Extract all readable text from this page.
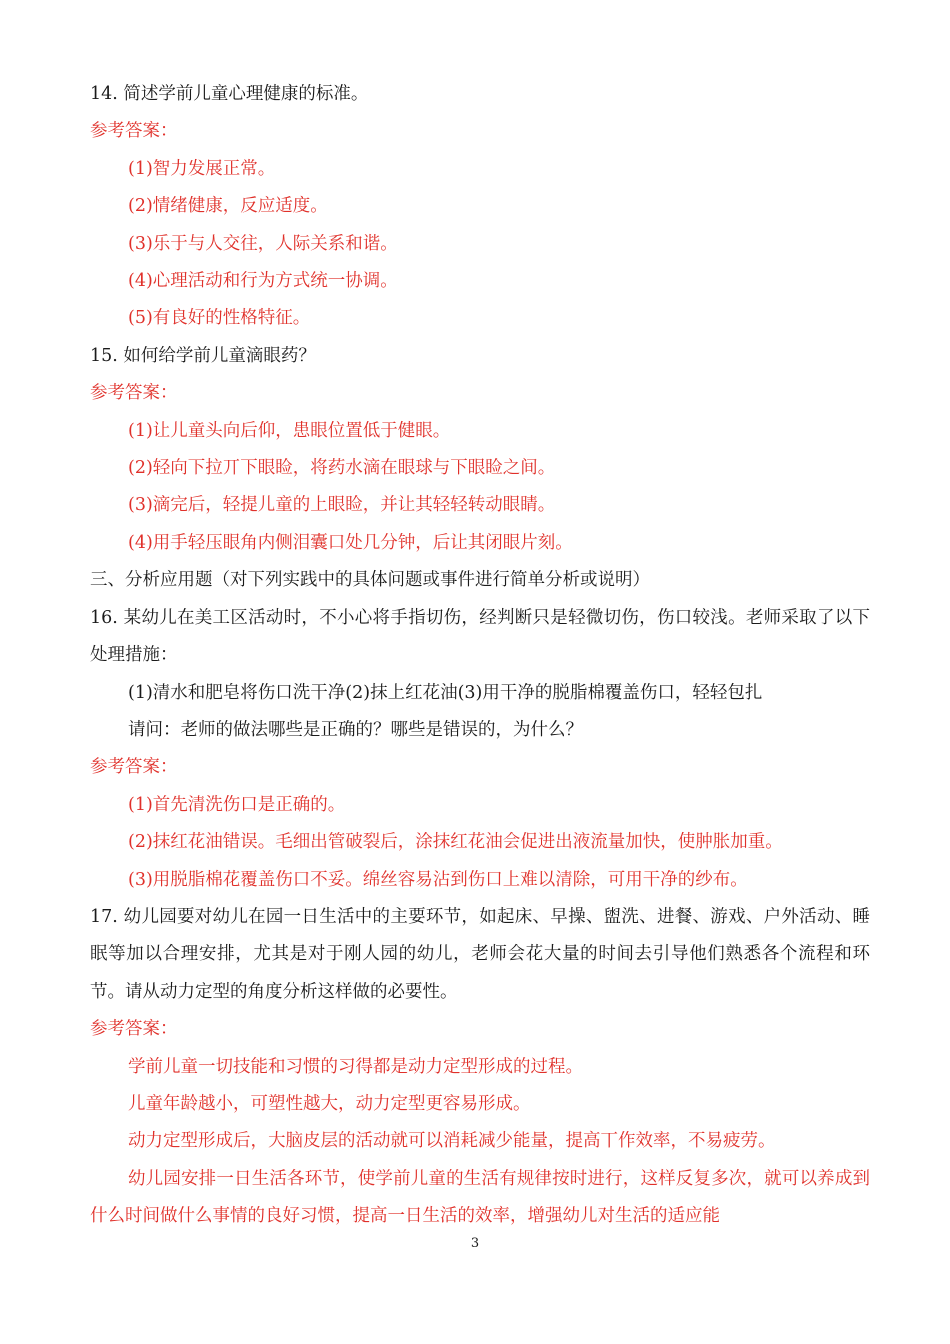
14. 简述学前儿童心理健康的标准。
参考答案：
(1)智力发展正常。
(2)情绪健康，反应适度。
(3)乐于与人交往，人际关系和谐。
(4)心理活动和行为方式统一协调。
(5)有良好的性格特征。
15. 如何给学前儿童滴眼药？
参考答案：
(1)让儿童头向后仰，患眼位置低于健眼。
(2)轻向下拉丌下眼睑，将药水滴在眼球与下眼睑之间。
(3)滴完后，轻提儿童的上眼睑，并让其轻轻转动眼睛。
(4)用手轻压眼角内侧泪囊口处几分钟，后让其闭眼片刻。
三、分析应用题（对下列实践中的具体问题或事件进行简单分析或说明）
16. 某幼儿在美工区活动时，不小心将手指切伤，经判断只是轻微切伤，伤口较浅。老师采取了以下处理措施：
(1)清水和肥皂将伤口洗干净(2)抹上红花油(3)用干净的脱脂棉覆盖伤口，轻轻包扎
请问：老师的做法哪些是正确的？哪些是错误的，为什么？
参考答案：
(1)首先清洗伤口是正确的。
(2)抹红花油错误。毛细出管破裂后，涂抹红花油会促进出液流量加快，使肿胀加重。
(3)用脱脂棉花覆盖伤口不妥。绵丝容易沾到伤口上难以清除，可用干净的纱布。
17. 幼儿园要对幼儿在园一日生活中的主要环节，如起床、早操、盥洗、进餐、游戏、户外活动、睡眠等加以合理安排，尤其是对于刚人园的幼儿，老师会花大量的时间去引导他们熟悉各个流程和环节。请从动力定型的角度分析这样做的必要性。
参考答案：
学前儿童一切技能和习惯的习得都是动力定型形成的过程。
儿童年龄越小，可塑性越大，动力定型更容易形成。
动力定型形成后，大脑皮层的活动就可以消耗减少能量，提高丅作效率，不易疲劳。
幼儿园安排一日生活各环节，使学前儿童的生活有规律按时进行，这样反复多次，就可以养成到什么时间做什么事情的良好习惯，提高一日生活的效率，增强幼儿对生活的适应能
3
